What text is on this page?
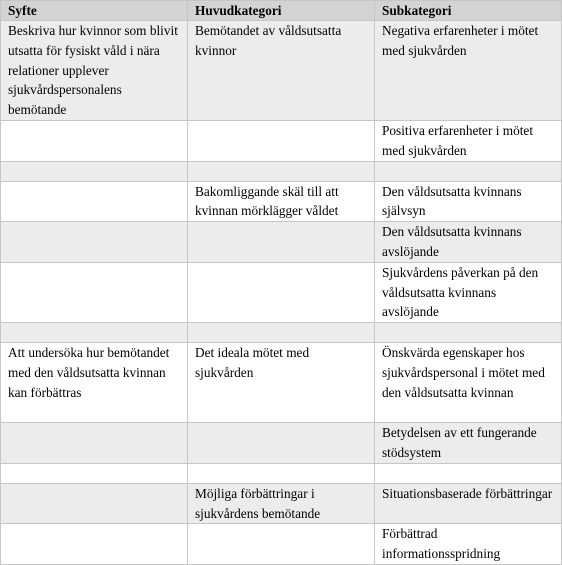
Syfte	Huvudkategori	Subkategori
Beskriva hur kvinnor som blivit utsatta för fysiskt våld i nära relationer upplever sjukvårdspersonalens bemötande	Bemötandet av våldsutsatta kvinnor	Negativa erfarenheter i mötet med sjukvården
		Positiva erfarenheter i mötet med sjukvården

	Bakomliggande skäl till att kvinnan mörklägger våldet	Den våldsutsatta kvinnans självsyn
		Den våldsutsatta kvinnans avslöjande
		Sjukvårdens påverkan på den våldsutsatta kvinnans avslöjande

Att undersöka hur bemötandet med den våldsutsatta kvinnan kan förbättras	Det ideala mötet med sjukvården	Önskvärda egenskaper hos sjukvårdspersonal i mötet med den våldsutsatta kvinnan
		Betydelsen av ett fungerande stödsystem

	Möjliga förbättringar i sjukvårdens bemötande	Situationsbaserade förbättringar
		Förbättrad informationsspridning
